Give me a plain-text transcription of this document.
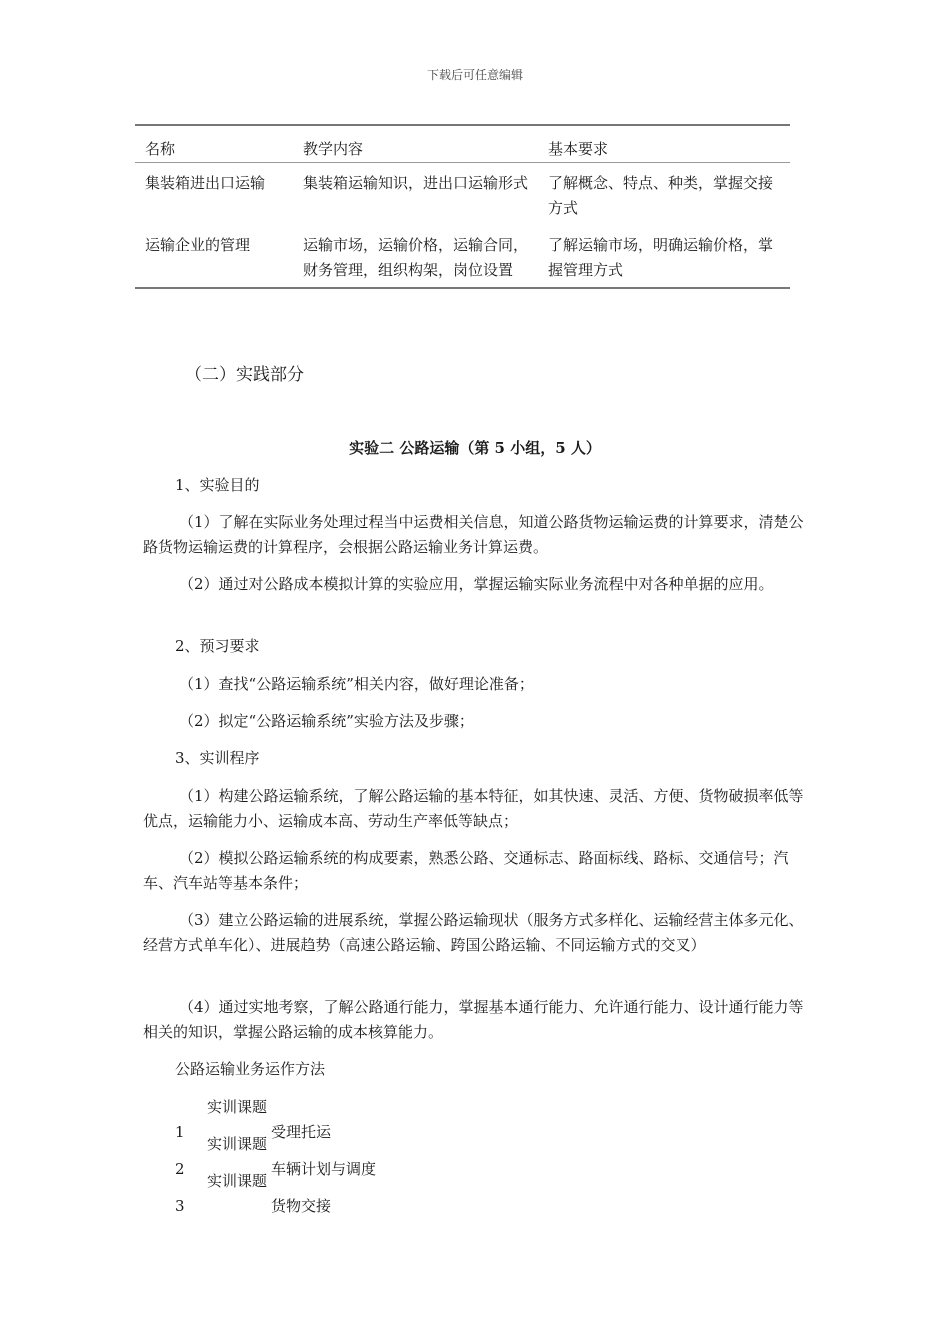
下载后可任意编辑
名称	教学内容	基本要求
集装箱进出口运输	集装箱运输知识，进出口运输形式	了解概念、特点、种类，掌握交接方式
运输企业的管理	运输市场，运输价格，运输合同，财务管理，组织构架，岗位设置	了解运输市场，明确运输价格，掌握管理方式
（二）实践部分
实验二 公路运输（第 5 小组，5 人）

1、实验目的

（1）了解在实际业务处理过程当中运费相关信息，知道公路货物运输运费的计算要求，清楚公路货物运输运费的计算程序，会根据公路运输业务计算运费。

（2）通过对公路成本模拟计算的实验应用，掌握运输实际业务流程中对各种单据的应用。

2、预习要求

（1）查找“公路运输系统”相关内容，做好理论准备；

（2）拟定“公路运输系统”实验方法及步骤；

3、实训程序

（1）构建公路运输系统，了解公路运输的基本特征，如其快速、灵活、方便、货物破损率低等优点，运输能力小、运输成本高、劳动生产率低等缺点；

（2）模拟公路运输系统的构成要素，熟悉公路、交通标志、路面标线、路标、交通信号；汽车、汽车站等基本条件；

（3）建立公路运输的进展系统，掌握公路运输现状（服务方式多样化、运输经营主体多元化、经营方式单车化）、进展趋势（高速公路运输、跨国公路运输、不同运输方式的交叉）

（4）通过实地考察，了解公路通行能力，掌握基本通行能力、允许通行能力、设计通行能力等相关的知识，掌握公路运输的成本核算能力。

公路运输业务运作方法

实训课题 1	受理托运

实训课题 2	车辆计划与调度

实训课题 3	货物交接
